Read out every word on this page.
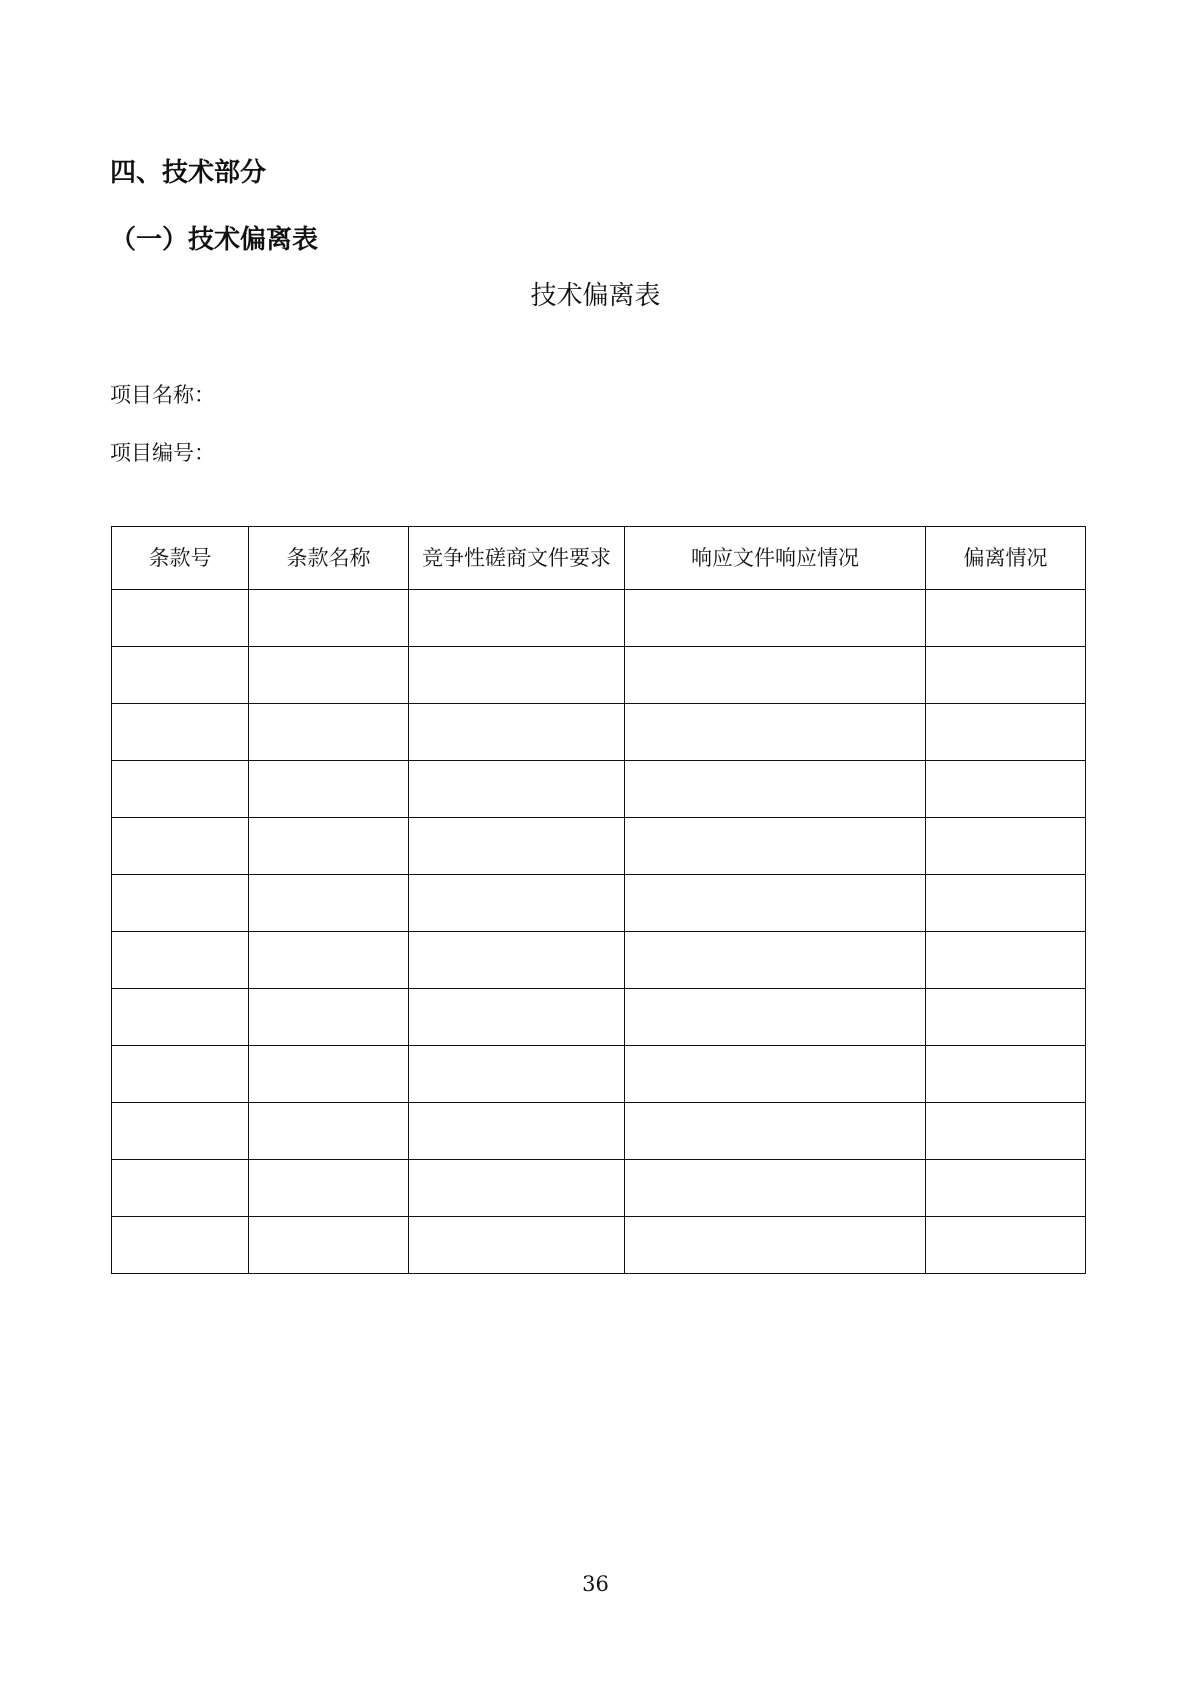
四、技术部分
（一）技术偏离表
技术偏离表
项目名称：
项目编号：
条款号	条款名称	竞争性磋商文件要求	响应文件响应情况	偏离情况

36
